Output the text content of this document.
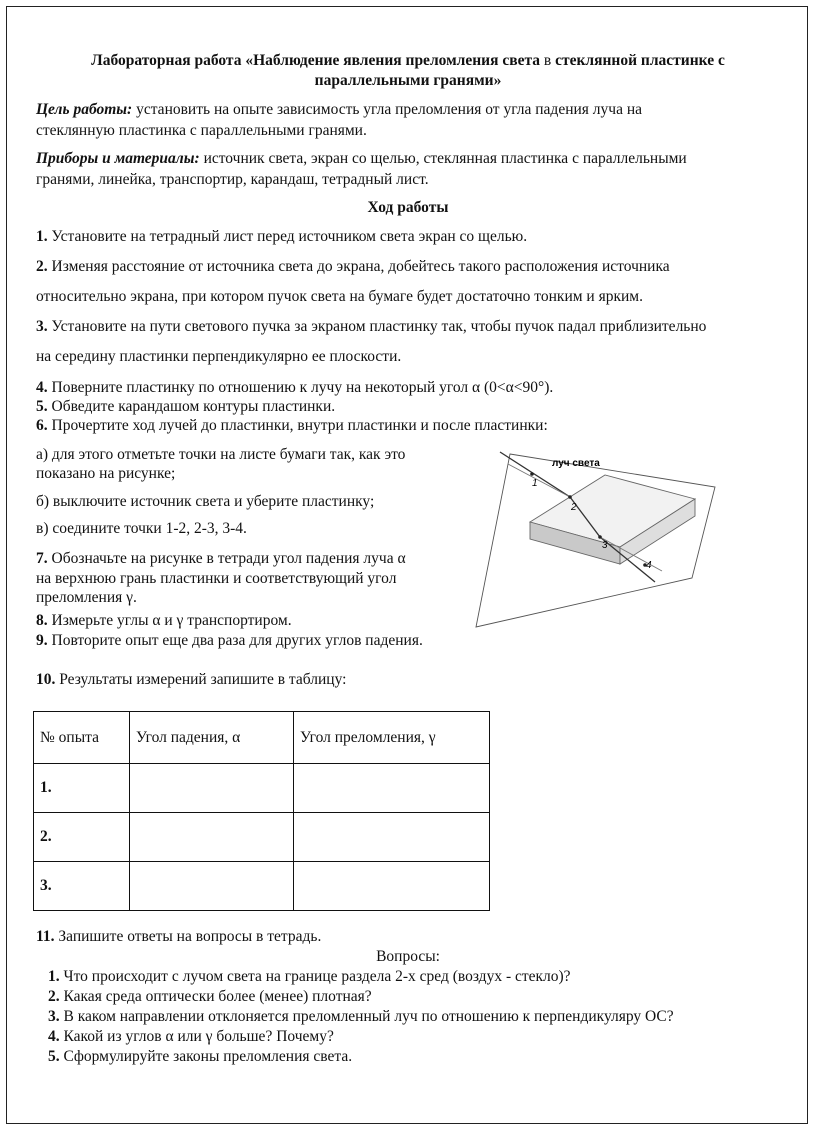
Лабораторная работа «Наблюдение явления преломления света в стеклянной пластинке с
параллельными гранями»
Цель работы: установить на опыте зависимость угла преломления от угла падения луча на
стеклянную пластинка с параллельными гранями.
Приборы и материалы: источник света, экран со щелью, стеклянная пластинка с параллельными
гранями, линейка, транспортир, карандаш, тетрадный лист.
Ход работы
1. Установите на тетрадный лист перед источником света экран со щелью.
2. Изменяя расстояние от источника света до экрана, добейтесь такого расположения источника
относительно экрана, при котором пучок света на бумаге будет достаточно тонким и ярким.
3. Установите на пути светового пучка за экраном пластинку так, чтобы пучок падал приблизительно
на середину пластинки перпендикулярно ее плоскости.
4. Поверните пластинку по отношению к лучу на некоторый угол α (0<α<90°).
5. Обведите карандашом контуры пластинки.
6. Прочертите ход лучей до пластинки, внутри пластинки и после пластинки:
а) для этого отметьте точки на листе бумаги так, как это
показано на рисунке;
б) выключите источник света и уберите пластинку;
в) соедините точки 1-2, 2-3, 3-4.
7. Обозначьте на рисунке в тетради угол падения луча α
на верхнюю грань пластинки и соответствующий угол
преломления γ.
8. Измерьте углы α и γ транспортиром.
9. Повторите опыт еще два раза для других углов падения.
10. Результаты измерений запишите в таблицу:
луч света
1
2
3
4
№ опыта	Угол падения, α	Угол преломления, γ
1.		
2.		
3.		
11. Запишите ответы на вопросы в тетрадь.
Вопросы:
1. Что происходит с лучом света на границе раздела 2-х сред (воздух - стекло)?
2. Какая среда оптически более (менее) плотная?
3. В каком направлении отклоняется преломленный луч по отношению к перпендикуляру ОС?
4. Какой из углов α или γ больше? Почему?
5. Сформулируйте законы преломления света.
